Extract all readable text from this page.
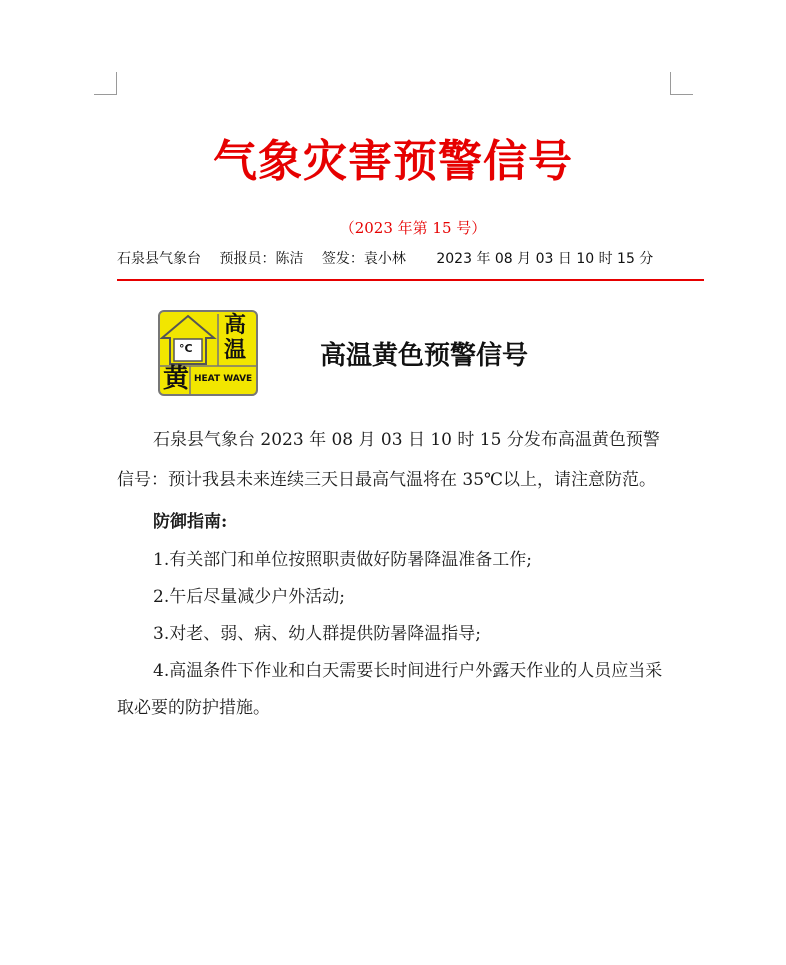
气象灾害预警信号
（2023 年第 15 号）
石泉县气象台 预报员：陈洁 签发：袁小林 2023 年 08 月 03 日 10 时 15 分
高
温
黄
°C
HEAT WAVE
高温黄色预警信号

石泉县气象台 2023 年 08 月 03 日 10 时 15 分发布高温黄色预警信号：预计我县未来连续三天日最高气温将在 35℃以上，请注意防范。

防御指南:

1.有关部门和单位按照职责做好防暑降温准备工作;

2.午后尽量减少户外活动;

3.对老、弱、病、幼人群提供防暑降温指导;

4.高温条件下作业和白天需要长时间进行户外露天作业的人员应当采取必要的防护措施。
